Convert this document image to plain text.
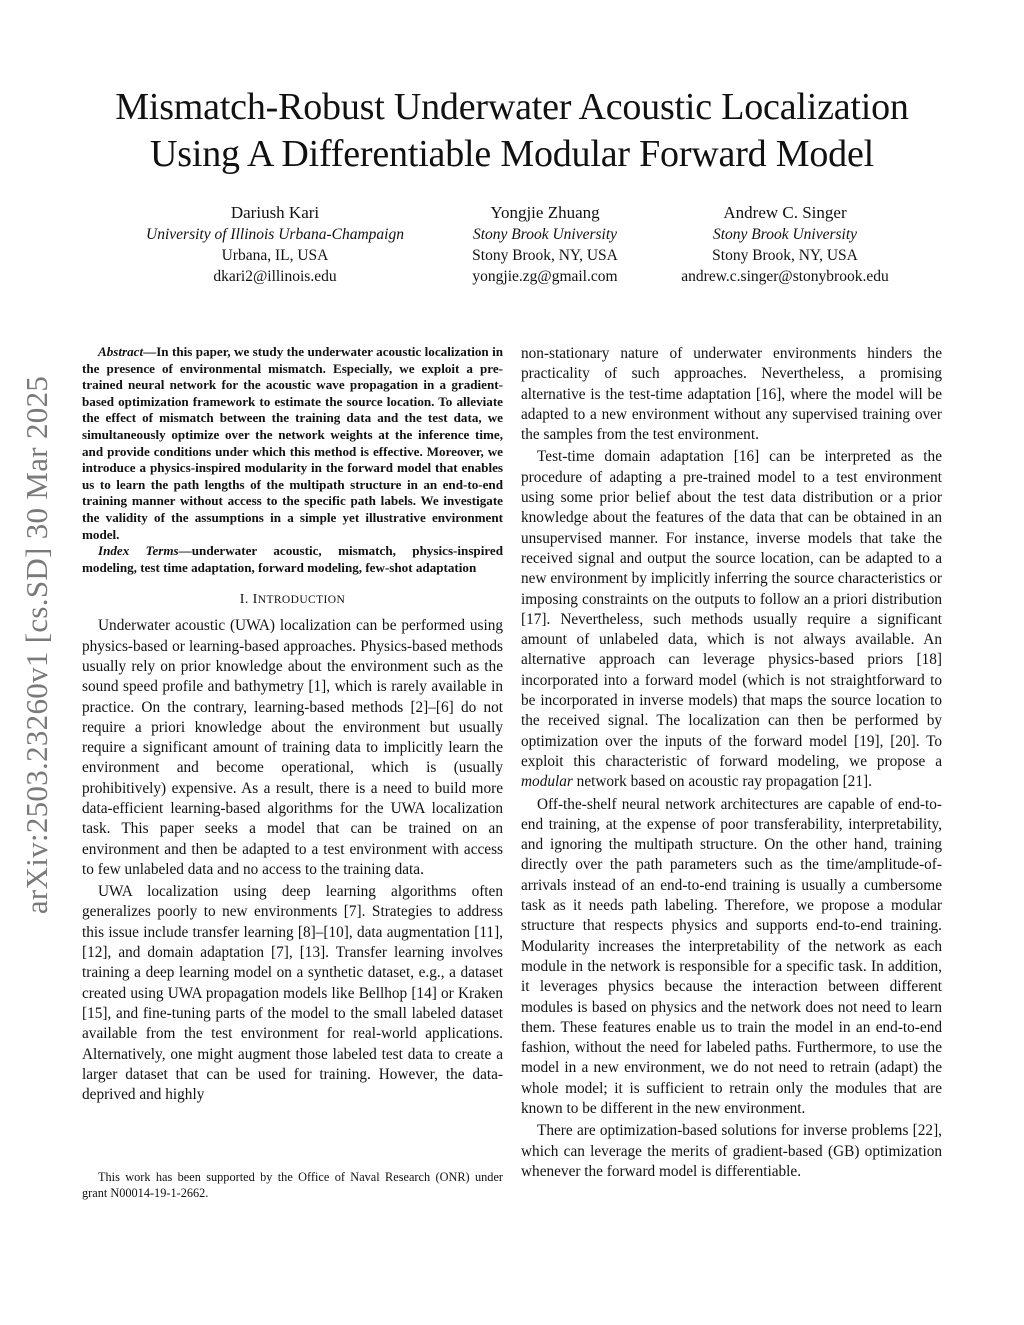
Mismatch-Robust Underwater Acoustic Localization
Using A Differentiable Modular Forward Model
Dariush Kari
University of Illinois Urbana-Champaign
Urbana, IL, USA
dkari2@illinois.edu
Yongjie Zhuang
Stony Brook University
Stony Brook, NY, USA
yongjie.zg@gmail.com
Andrew C. Singer
Stony Brook University
Stony Brook, NY, USA
andrew.c.singer@stonybrook.edu
arXiv:2503.23260v1 [cs.SD] 30 Mar 2025

Abstract—In this paper, we study the underwater acoustic localization in the presence of environmental mismatch. Especially, we exploit a pre-trained neural network for the acoustic wave propagation in a gradient-based optimization framework to estimate the source location. To alleviate the effect of mismatch between the training data and the test data, we simultaneously optimize over the network weights at the inference time, and provide conditions under which this method is effective. Moreover, we introduce a physics-inspired modularity in the forward model that enables us to learn the path lengths of the multipath structure in an end-to-end training manner without access to the specific path labels. We investigate the validity of the assumptions in a simple yet illustrative environment model.

Index Terms—underwater acoustic, mismatch, physics-inspired modeling, test time adaptation, forward modeling, few-shot adaptation

I. INTRODUCTION

Underwater acoustic (UWA) localization can be performed using physics-based or learning-based approaches. Physics-based methods usually rely on prior knowledge about the environment such as the sound speed profile and bathymetry [1], which is rarely available in practice. On the contrary, learning-based methods [2]–[6] do not require a priori knowledge about the environment but usually require a significant amount of training data to implicitly learn the environment and become operational, which is (usually prohibitively) expensive. As a result, there is a need to build more data-efficient learning-based algorithms for the UWA localization task. This paper seeks a model that can be trained on an environment and then be adapted to a test environment with access to few unlabeled data and no access to the training data.

UWA localization using deep learning algorithms often generalizes poorly to new environments [7]. Strategies to address this issue include transfer learning [8]–[10], data augmentation [11], [12], and domain adaptation [7], [13]. Transfer learning involves training a deep learning model on a synthetic dataset, e.g., a dataset created using UWA propagation models like Bellhop [14] or Kraken [15], and fine-tuning parts of the model to the small labeled dataset available from the test environment for real-world applications. Alternatively, one might augment those labeled test data to create a larger dataset that can be used for training. However, the data-deprived and highly

non-stationary nature of underwater environments hinders the practicality of such approaches. Nevertheless, a promising alternative is the test-time adaptation [16], where the model will be adapted to a new environment without any supervised training over the samples from the test environment.

Test-time domain adaptation [16] can be interpreted as the procedure of adapting a pre-trained model to a test environment using some prior belief about the test data distribution or a prior knowledge about the features of the data that can be obtained in an unsupervised manner. For instance, inverse models that take the received signal and output the source location, can be adapted to a new environment by implicitly inferring the source characteristics or imposing constraints on the outputs to follow an a priori distribution [17]. Nevertheless, such methods usually require a significant amount of unlabeled data, which is not always available. An alternative approach can leverage physics-based priors [18] incorporated into a forward model (which is not straightforward to be incorporated in inverse models) that maps the source location to the received signal. The localization can then be performed by optimization over the inputs of the forward model [19], [20]. To exploit this characteristic of forward modeling, we propose a modular network based on acoustic ray propagation [21].

Off-the-shelf neural network architectures are capable of end-to-end training, at the expense of poor transferability, interpretability, and ignoring the multipath structure. On the other hand, training directly over the path parameters such as the time/amplitude-of-arrivals instead of an end-to-end training is usually a cumbersome task as it needs path labeling. Therefore, we propose a modular structure that respects physics and supports end-to-end training. Modularity increases the interpretability of the network as each module in the network is responsible for a specific task. In addition, it leverages physics because the interaction between different modules is based on physics and the network does not need to learn them. These features enable us to train the model in an end-to-end fashion, without the need for labeled paths. Furthermore, to use the model in a new environment, we do not need to retrain (adapt) the whole model; it is sufficient to retrain only the modules that are known to be different in the new environment.

There are optimization-based solutions for inverse problems [22], which can leverage the merits of gradient-based (GB) optimization whenever the forward model is differentiable.

This work has been supported by the Office of Naval Research (ONR) under grant N00014-19-1-2662.
